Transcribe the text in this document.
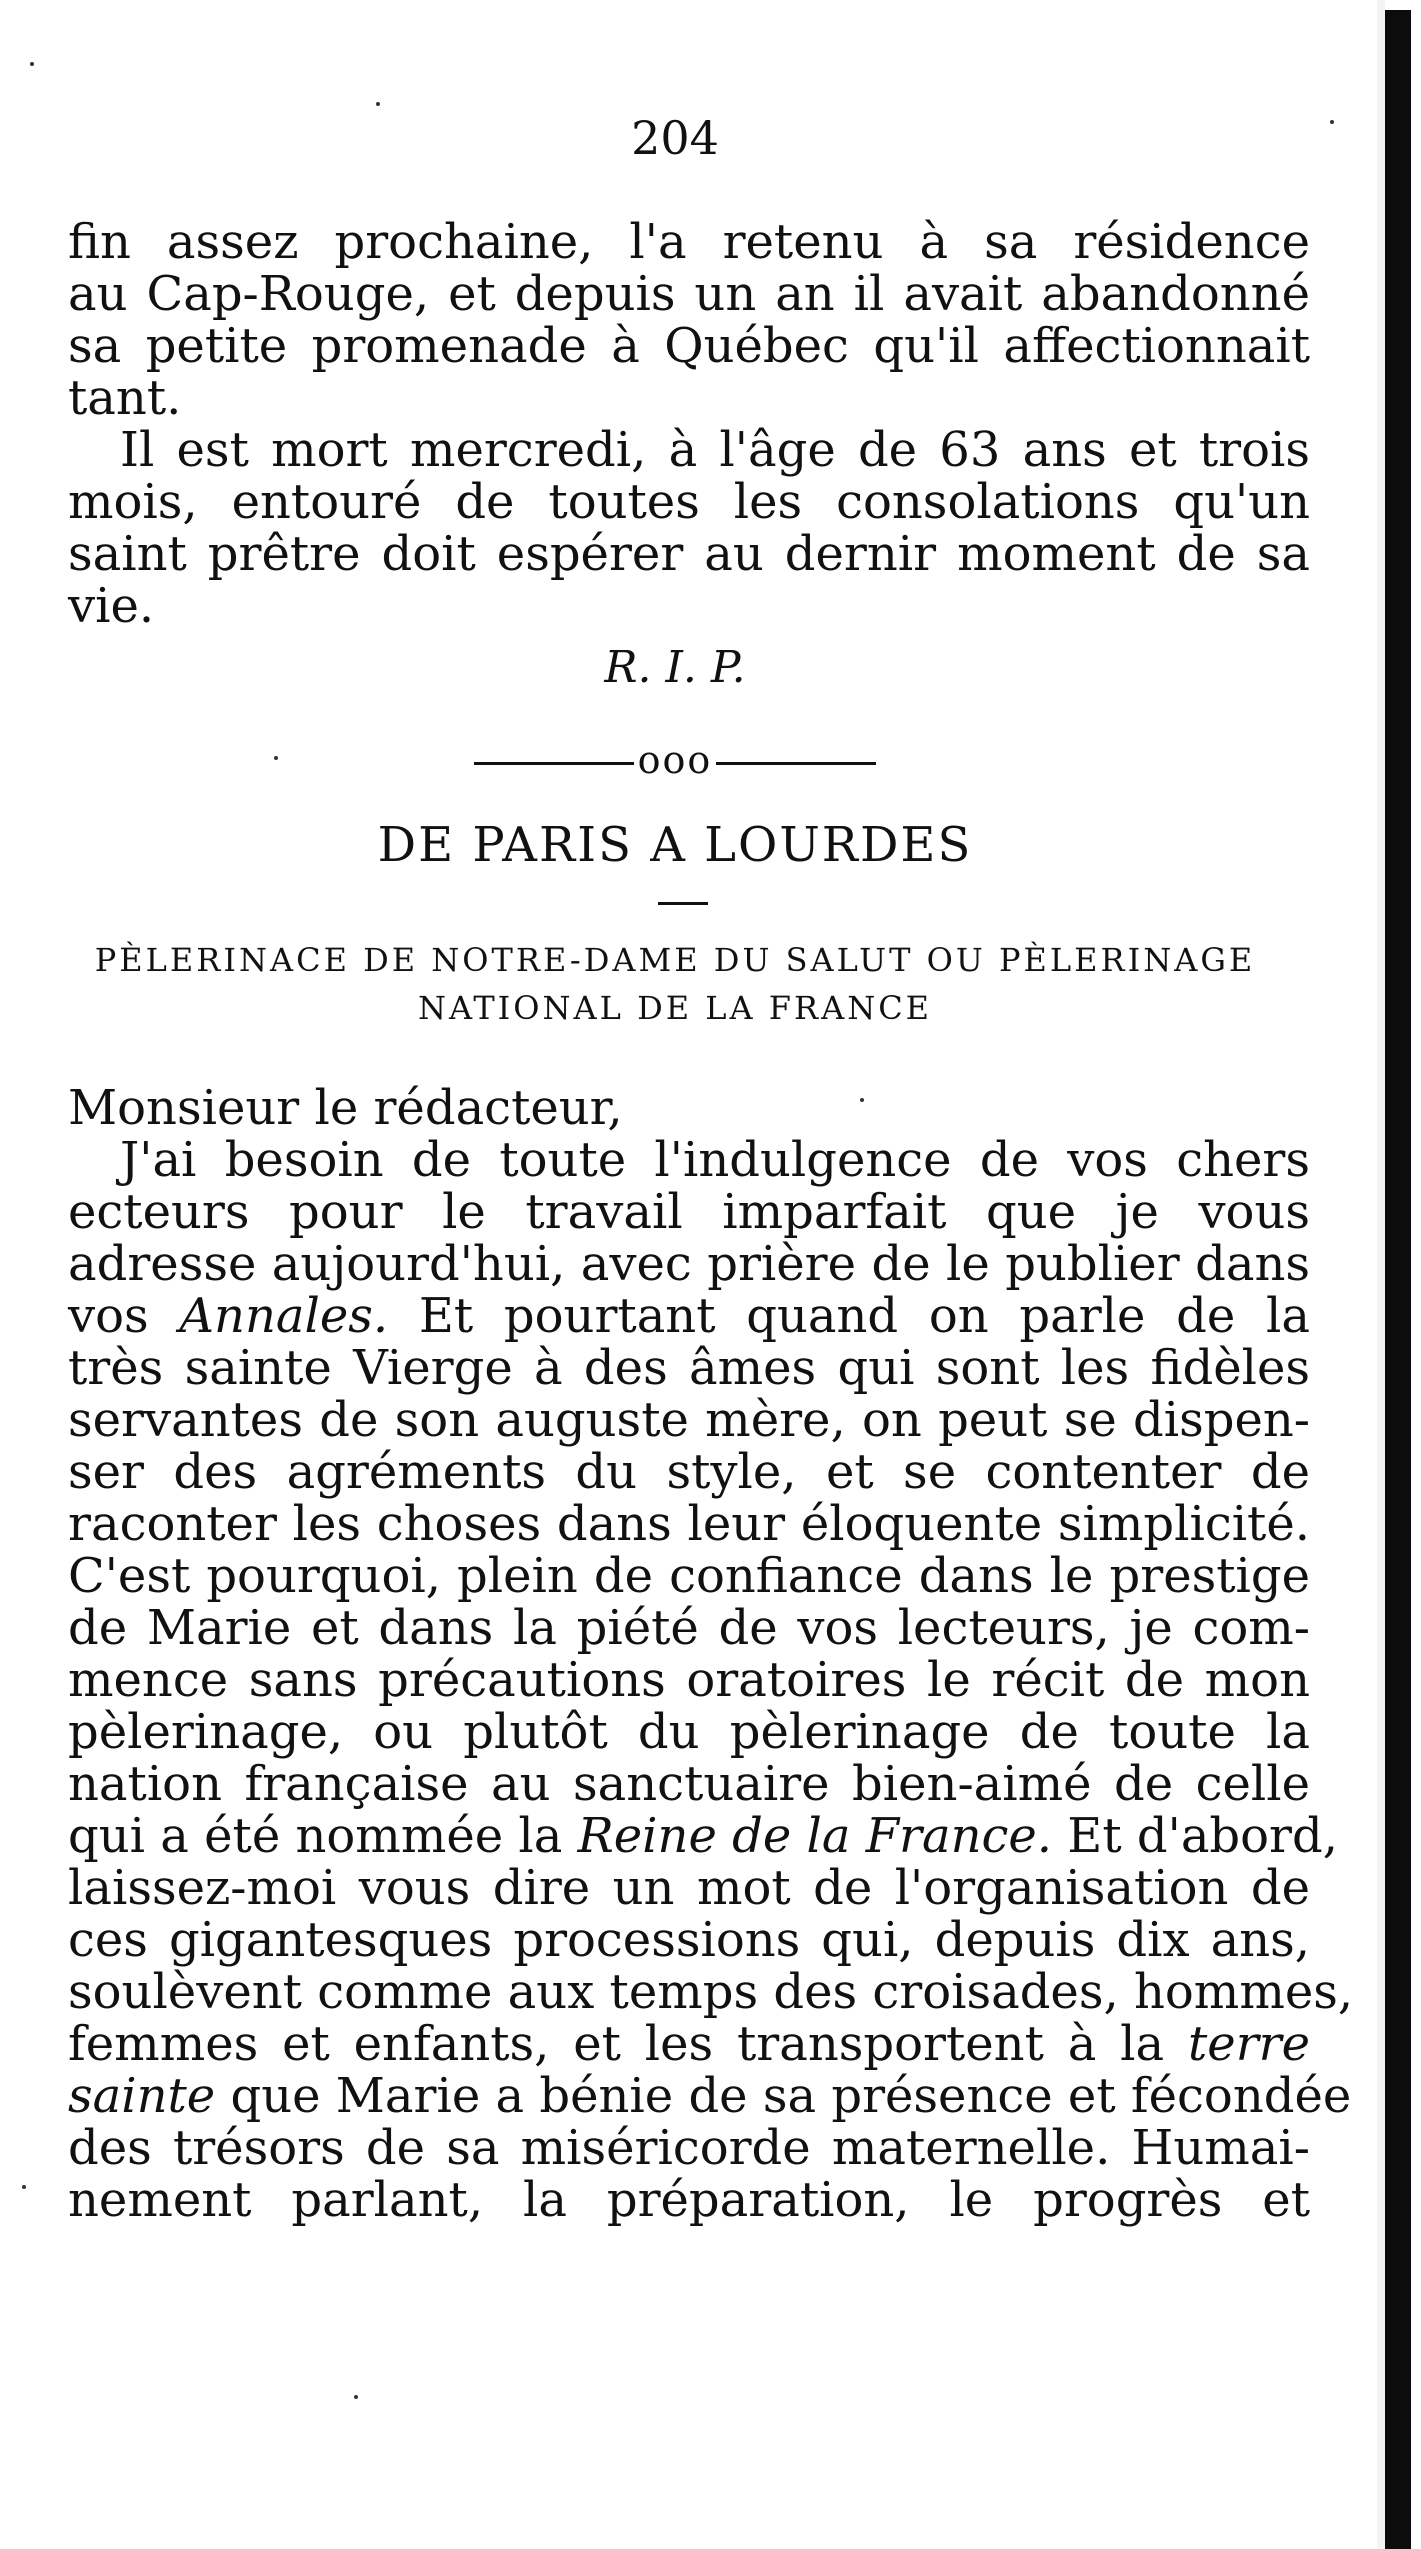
204
fin assez prochaine, l'a retenu à sa résidence
au Cap-Rouge, et depuis un an il avait abandonné
sa petite promenade à Québec qu'il affectionnait
tant.
Il est mort mercredi, à l'âge de 63 ans et trois
mois, entouré de toutes les consolations qu'un
saint prêtre doit espérer au dernir moment de sa
vie.
R. I. P.
ooo
DE PARIS A LOURDES
PÈLERINACE DE NOTRE-DAME DU SALUT OU PÈLERINAGE
NATIONAL DE LA FRANCE
Monsieur le rédacteur,
J'ai besoin de toute l'indulgence de vos chers
ecteurs pour le travail imparfait que je vous
adresse aujourd'hui, avec prière de le publier dans
vos Annales. Et pourtant quand on parle de la
très sainte Vierge à des âmes qui sont les fidèles
servantes de son auguste mère, on peut se dispen-
ser des agréments du style, et se contenter de
raconter les choses dans leur éloquente simplicité.
C'est pourquoi, plein de confiance dans le prestige
de Marie et dans la piété de vos lecteurs, je com-
mence sans précautions oratoires le récit de mon
pèlerinage, ou plutôt du pèlerinage de toute la
nation française au sanctuaire bien-aimé de celle
qui a été nommée la Reine de la France. Et d'abord,
laissez-moi vous dire un mot de l'organisation de
ces gigantesques processions qui, depuis dix ans,
soulèvent comme aux temps des croisades, hommes,
femmes et enfants, et les transportent à la terre
sainte que Marie a bénie de sa présence et fécondée
des trésors de sa miséricorde maternelle. Humai-
nement parlant, la préparation, le progrès et
